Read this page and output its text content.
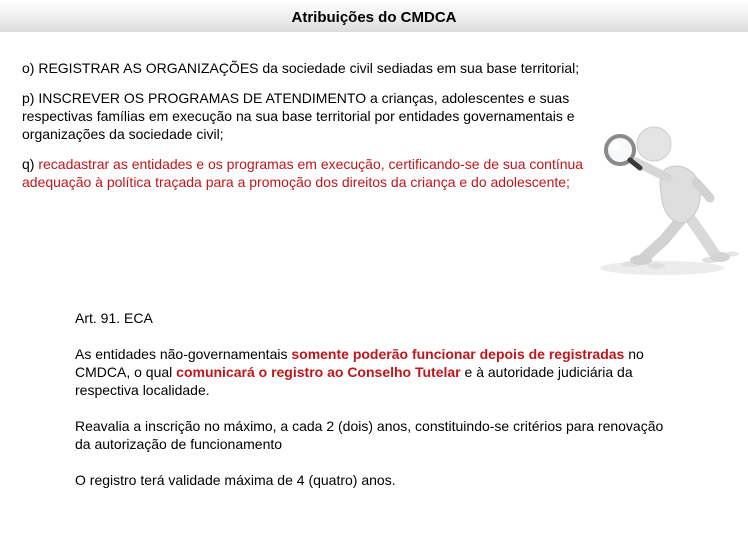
Atribuições do CMDCA

o) REGISTRAR AS ORGANIZAÇÕES da sociedade civil sediadas em sua base territorial;

p) INSCREVER OS PROGRAMAS DE ATENDIMENTO a crianças, adolescentes e suas respectivas famílias em execução na sua base territorial por entidades governamentais e organizações da sociedade civil;

q) recadastrar as entidades e os programas em execução, certificando-se de sua contínua adequação à política traçada para a promoção dos direitos da criança e do adolescente;

Art. 91. ECA

As entidades não-governamentais somente poderão funcionar depois de registradas no CMDCA, o qual comunicará o registro ao Conselho Tutelar e à autoridade judiciária da respectiva localidade.

Reavalia a inscrição no máximo, a cada 2 (dois) anos, constituindo-se critérios para renovação da autorização de funcionamento

O registro terá validade máxima de 4 (quatro) anos.
